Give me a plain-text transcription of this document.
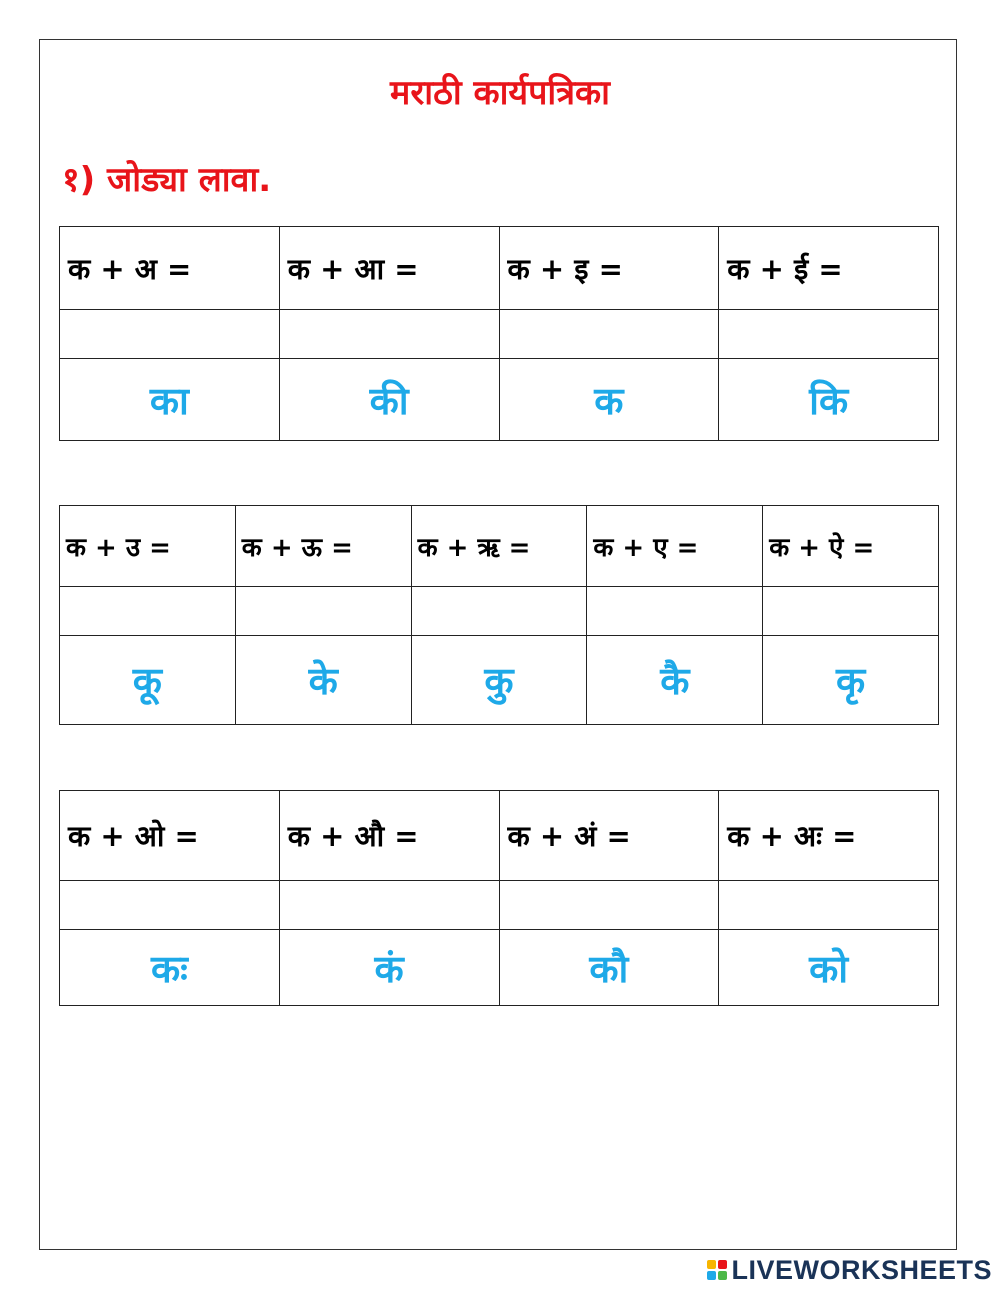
मराठी कार्यपत्रिका
१) जोड्या लावा.
क + अ =	क + आ =	क + इ =	क + ई =

का	की	क	कि
क + उ =	क + ऊ =	क + ऋ =	क + ए =	क + ऐ =

कू	के	कु	कै	कृ
क + ओ =	क + औ =	क + अं =	क + अः =

कः	कं	कौ	को
LIVEWORKSHEETS
